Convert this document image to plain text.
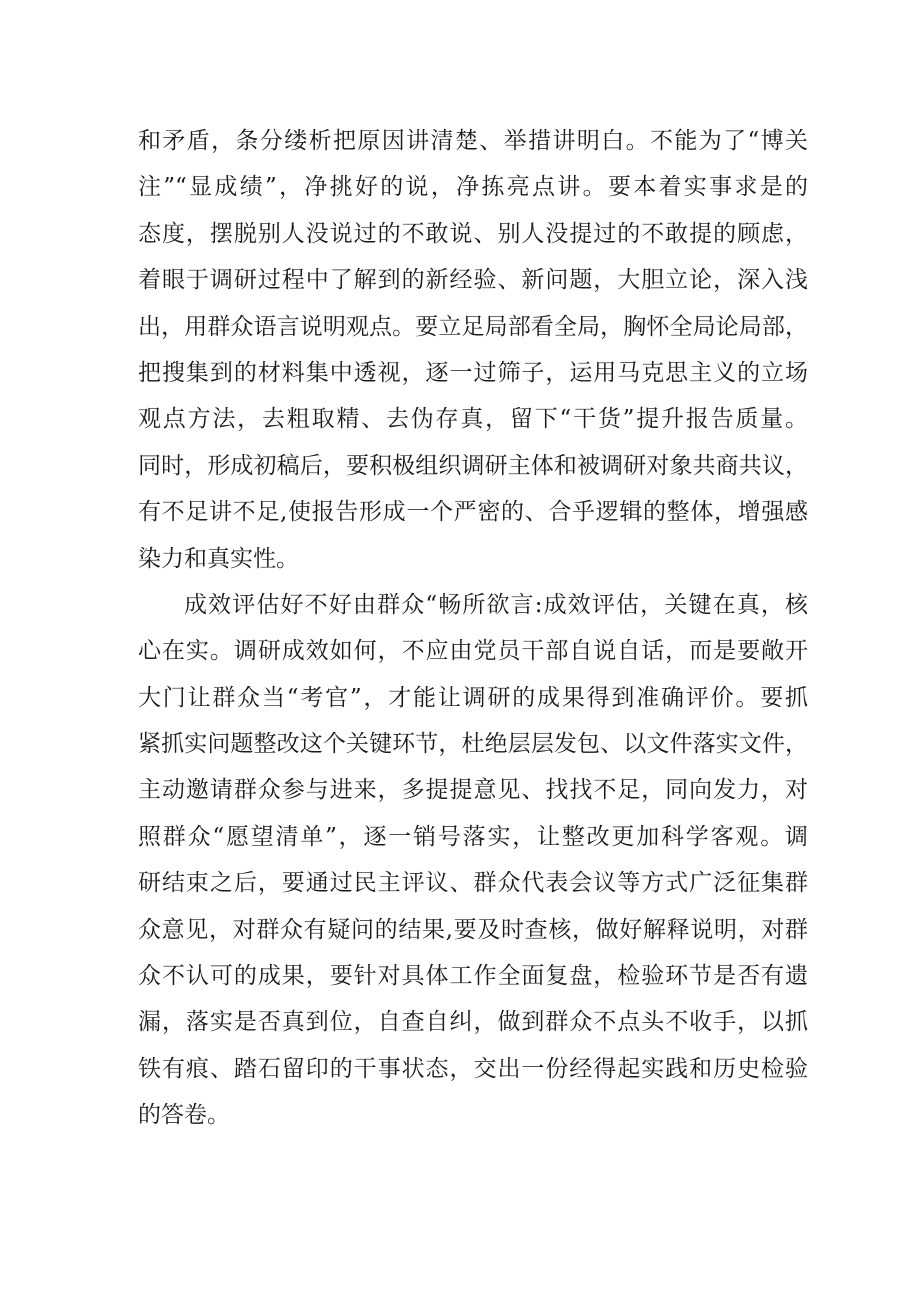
和矛盾，条分缕析把原因讲清楚、举措讲明白。不能为了“博关
注”“显成绩”，净挑好的说，净拣亮点讲。要本着实事求是的
态度，摆脱别人没说过的不敢说、别人没提过的不敢提的顾虑，
着眼于调研过程中了解到的新经验、新问题，大胆立论，深入浅
出，用群众语言说明观点。要立足局部看全局，胸怀全局论局部，
把搜集到的材料集中透视，逐一过筛子，运用马克思主义的立场
观点方法，去粗取精、去伪存真，留下“干货”提升报告质量。
同时，形成初稿后，要积极组织调研主体和被调研对象共商共议，
有不足讲不足,使报告形成一个严密的、合乎逻辑的整体，增强感
染力和真实性。
成效评估好不好由群众“畅所欲言:成效评估，关键在真，核
心在实。调研成效如何，不应由党员干部自说自话，而是要敞开
大门让群众当“考官”，才能让调研的成果得到准确评价。要抓
紧抓实问题整改这个关键环节，杜绝层层发包、以文件落实文件，
主动邀请群众参与进来，多提提意见、找找不足，同向发力，对
照群众“愿望清单”，逐一销号落实，让整改更加科学客观。调
研结束之后，要通过民主评议、群众代表会议等方式广泛征集群
众意见，对群众有疑问的结果,要及时查核，做好解释说明，对群
众不认可的成果，要针对具体工作全面复盘，检验环节是否有遗
漏，落实是否真到位，自查自纠，做到群众不点头不收手，以抓
铁有痕、踏石留印的干事状态，交出一份经得起实践和历史检验
的答卷。
